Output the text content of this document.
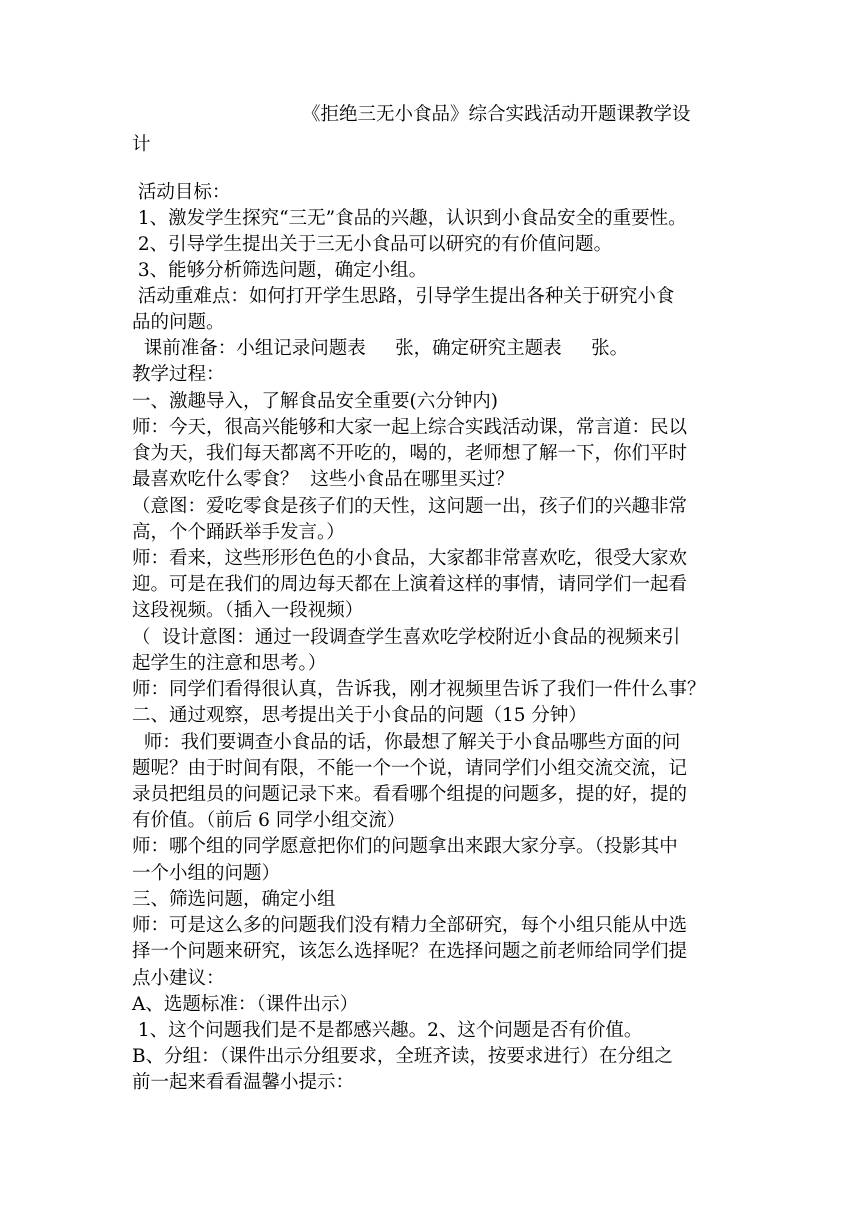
《拒绝三无小食品》综合实践活动开题课教学设
计
活动目标：
1、激发学生探究“三无”食品的兴趣，认识到小食品安全的重要性。
2、引导学生提出关于三无小食品可以研究的有价值问题。
3、能够分析筛选问题，确定小组。
活动重难点：如何打开学生思路，引导学生提出各种关于研究小食
品的问题。
课前准备：小组记录问题表     张，确定研究主题表     张。
教学过程：
一、激趣导入，了解食品安全重要(六分钟内)
师：今天，很高兴能够和大家一起上综合实践活动课，常言道：民以
食为天，我们每天都离不开吃的，喝的，老师想了解一下，你们平时
最喜欢吃什么零食？  这些小食品在哪里买过？
（意图：爱吃零食是孩子们的天性，这问题一出，孩子们的兴趣非常
高，个个踊跃举手发言。）
师：看来，这些形形色色的小食品，大家都非常喜欢吃，很受大家欢
迎。可是在我们的周边每天都在上演着这样的事情，请同学们一起看
这段视频。（插入一段视频）
（  设计意图：通过一段调查学生喜欢吃学校附近小食品的视频来引
起学生的注意和思考。）
师：同学们看得很认真，告诉我，刚才视频里告诉了我们一件什么事？
二、通过观察，思考提出关于小食品的问题（15 分钟）
师：我们要调查小食品的话，你最想了解关于小食品哪些方面的问
题呢？由于时间有限，不能一个一个说，请同学们小组交流交流，记
录员把组员的问题记录下来。看看哪个组提的问题多，提的好，提的
有价值。（前后 6 同学小组交流）
师：哪个组的同学愿意把你们的问题拿出来跟大家分享。（投影其中
一个小组的问题）
三、筛选问题，确定小组
师：可是这么多的问题我们没有精力全部研究，每个小组只能从中选
择一个问题来研究，该怎么选择呢？在选择问题之前老师给同学们提
点小建议：
A、选题标准：（课件出示）
1、这个问题我们是不是都感兴趣。2、这个问题是否有价值。
B、分组：（课件出示分组要求，全班齐读，按要求进行）在分组之
前一起来看看温馨小提示：
